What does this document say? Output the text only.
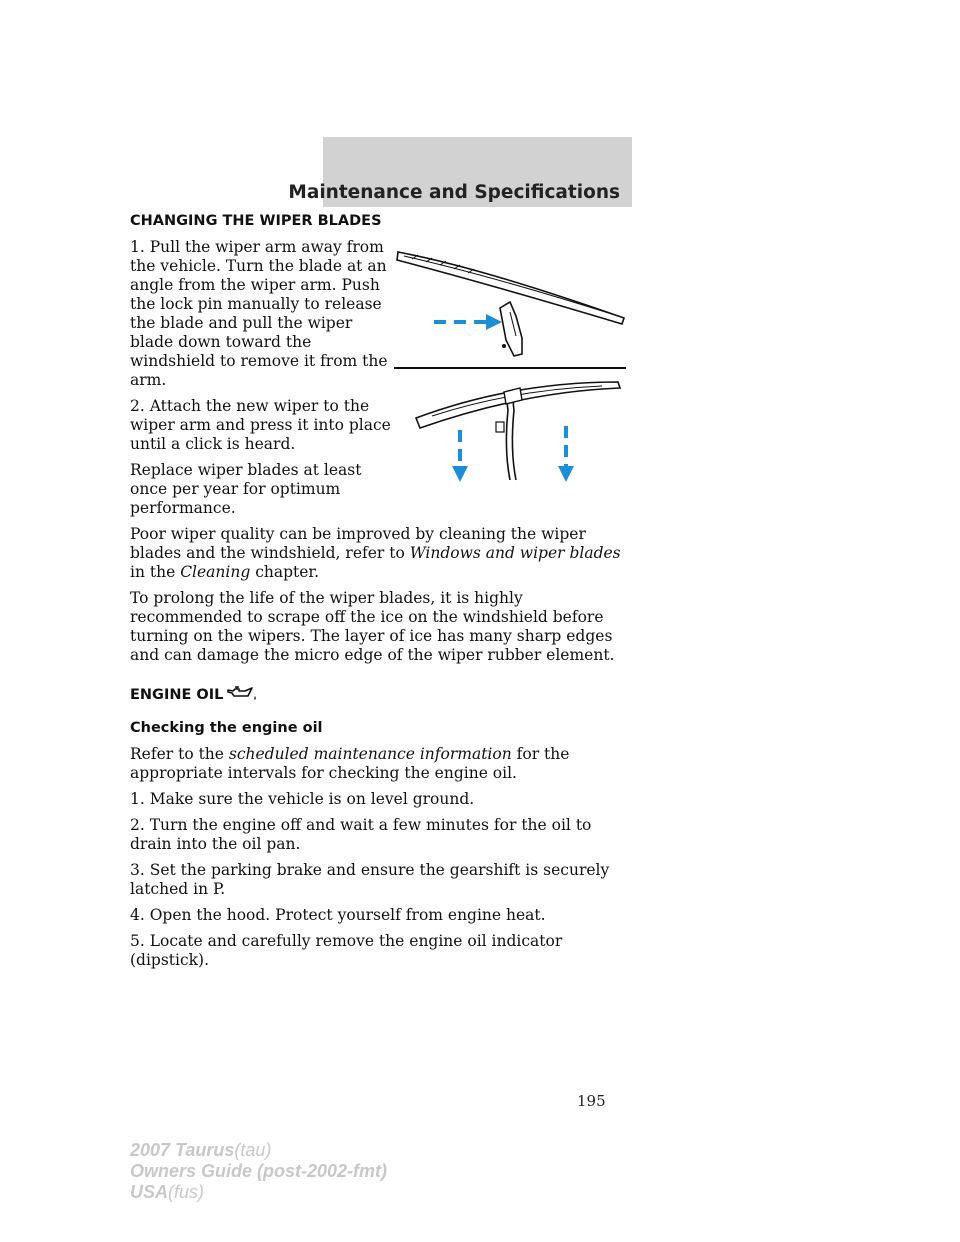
Maintenance and Specifications
CHANGING THE WIPER BLADES

1. Pull the wiper arm away from the vehicle. Turn the blade at an angle from the wiper arm. Push the lock pin manually to release the blade and pull the wiper blade down toward the windshield to remove it from the arm.

2. Attach the new wiper to the wiper arm and press it into place until a click is heard.

Replace wiper blades at least once per year for optimum performance.

Poor wiper quality can be improved by cleaning the wiper blades and the windshield, refer to Windows and wiper blades in the Cleaning chapter.

To prolong the life of the wiper blades, it is highly recommended to scrape off the ice on the windshield before turning on the wipers. The layer of ice has many sharp edges and can damage the micro edge of the wiper rubber element.

ENGINE OIL
Checking the engine oil

Refer to the scheduled maintenance information for the appropriate intervals for checking the engine oil.

1. Make sure the vehicle is on level ground.

2. Turn the engine off and wait a few minutes for the oil to drain into the oil pan.

3. Set the parking brake and ensure the gearshift is securely latched in P.

4. Open the hood. Protect yourself from engine heat.

5. Locate and carefully remove the engine oil indicator (dipstick).

195
2007 Taurus(tau)
Owners Guide (post-2002-fmt)
USA(fus)
